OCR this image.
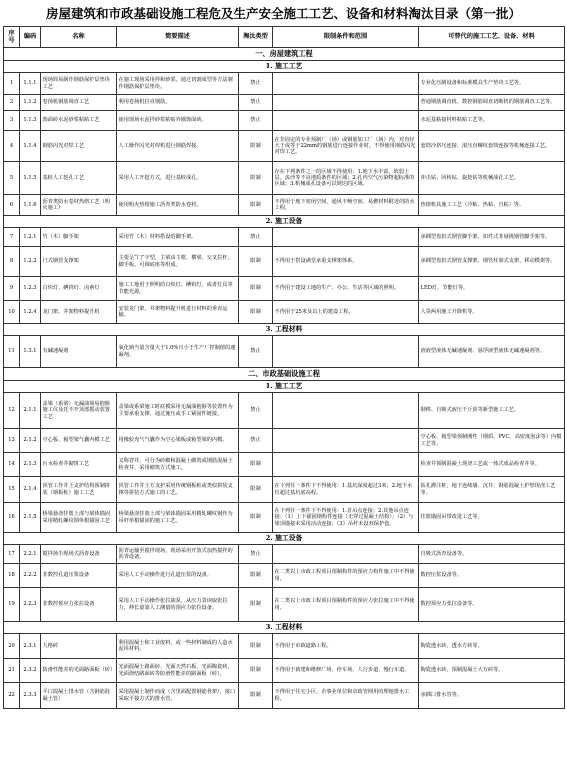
房屋建筑和市政基础设施工程危及生产安全施工工艺、设备和材料淘汰目录（第一批）
序号	编码	名称	简要描述	淘汰类型	限制条件和范围	可替代的施工工艺、设备、材料
一、房屋建筑工程						
1. 施工工艺						
1	1.1.1	现场简易制作钢筋保护层垫块工艺	在施工现场采用拌和砂浆，通过切割成型等方法制作钢筋保护层垫块。	禁止		专业化压制设备和标准模具生产垫块工艺等。
2	1.1.2	卷扬机钢筋调直工艺	利用卷扬机拉直钢筋。	禁止		普通钢筋调直机、数控钢筋调直切断机的钢筋调直工艺等。
3	1.1.3	饰面砖水泥砂浆粘贴工艺	使用现场水泥拌砂浆粘贴外墙饰面砖。	禁止		水泥基粘接材料粘贴工艺等。
4	1.1.4	钢筋闪光对焊工艺	人工操作闪光对焊机进行钢筋焊接。	限制	在非固定的专业预制厂（场）或钢筋加工厂（场）内，对直径大于或等于22mm的钢筋进行连接作业时，不得使用钢筋闪光对焊工艺。	套筒冷挤压连接、滚压直螺纹套筒连接等机械连接工艺。
5	1.1.5	基桩人工挖孔工艺	采用人工开挖方式，进行基桩成孔。	限制	存在下列条件之一的区域不得使用：1.地下水丰富、软弱土层、流沙等不良地质条件的区域；2.孔内空气污染物超标准的区域；3.机械成孔设备可以到达的区域。	冲击钻、回转钻、旋挖钻等机械成孔工艺。
6	1.1.6	沥青类防水卷材热熔工艺（明火施工）	使用明火热熔施工沥青类防水卷材。	限制	不得用于地下密闭空间、通风不畅空间、易燃材料附近的防水工程。	热熔机具施工工艺（冷粘、热粘、自粘）等。
2. 施工设备						
7	1.2.1	竹（木）脚手架	采用竹（木）材料搭设的脚手架。	禁止		承插型盘扣式钢管脚手架、扣件式非悬挑钢管脚手架等。
8	1.2.2	门式钢管支撑架	主要呈“门”字型，主梁由主框、横梁、交叉拉杆、脚手板、可调底座等组成。	限制	不得用于搭设满堂承重支撑架体系。	承插型盘扣式钢管支撑架、钢管柱梁式支架、移动模架等。
9	1.2.3	白炽灯、碘钨灯、卤素灯	施工工地用于照明的白炽灯、碘钨灯，或者灯具等节能光源。	限制	不得用于建设工地的生产、办公、生活等区域的照明。	LED灯、节能灯等。
10	1.2.4	龙门架、井架物料提升机	安装龙门架、井架物料提升机进行材料的垂直运输。	限制	不得用于25米及以上的建设工程。	人货两用施工升降机等。
3. 工程材料						
11	1.3.1	有碱速凝剂	氧化钠当量含量大于1.0%且小于生产厂控制值的速凝剂。	禁止		溶液型液体无碱速凝剂、悬浮液型液体无碱速凝剂等。
二、市政基础设施工程						
1. 施工工艺						
12	2.1.1	盖梁（系梁）无漏油简易抱箍施工仪及托不开顶部摇动装置工艺	盖梁或系梁施工时底模采用无漏油抱箍等装置作为主要承重支撑，通过施压或手工紧固件链接。	禁止		钢棒、自锁式液压千斤顶等新型施工工艺。
13	2.1.2	空心板、箱型梁气囊内模工艺	用橡胶充气气囊作为空心梁板或箱型梁的内模。	禁止		空心板、箱型梁预制刚性（钢质、PVC、高密度泡沫等）内模工艺等。
14	2.1.3	污水检查井砌筑工艺	又称窨井，可分为砖砌和混凝土砌筑或钢筋混凝土检查井，采用砌筑方式施工。	限制		检查井预制混凝土现浇工艺或一体式成品检查井等。
15	2.1.4	顶管工作井土支护结构预制拼装（钢板桩）施工工艺	顶管工作井土方支护采用传统钢板桩或类似拼装支撑等拼装方式施工的工艺。	限制	在下列任一条件下不得使用：1.基坑深度超过3米；2.地下水位超过基坑底高程。	钻孔灌注桩、地下连续墙、沉井、钢筋混凝土护壁现浇工艺等。
16	2.1.5	桥梁悬浇挂篮上部与梁体锚固采用精轧螺纹钢单根锚固工艺	桥梁悬浇挂篮上部与梁体锚固采用精轧螺纹钢作为吊杆单根锚固的施工工艺。	限制	在下列任一条件下不得使用：1.首吊点连接；2.其他吊点连接：（1）上下锚固钢构件连接（无穿过混凝土结构）；（2）与梁顶锚接未采用活动连接；（3）吊杆未设双保护套。	挂篮锚固吊带改进工艺等。
2. 施工设备						
17	2.2.1	搅拌扬尘现场式沥青设备	沥青运输至搅拌现场，现场采用开放式加热搅拌的沥青设备。	禁止		自吸式沥青设备等。
18	2.2.2	非数控孔道压浆设备	采用人工手动操作进行孔道压浆的设备。	限制	在二类以上市政工程项目预制构件的预应力构件施工中不得使用。	数控压浆设备等。
19	2.2.3	非数控预应力张拉设备	采用人工手动操作张拉油泵，从压力表读取张拉力，伸长量靠人工测量的预应力张拉设备。	限制	在二类以上市政工程项目预制构件的预应力张拉施工中不得使用。	数控预应力张拉设备等。
3. 工程材料						
20	2.3.1	九格砖	利用混凝土和工业废料，或一些材料制成的人造水泥块材料。	限制	不得用于市政道路工程。	陶瓷透水砖、透水方砖等。
21	2.3.2	防滑性能差的光面路面板（砖）	光面混凝土路面砖、光面天然石板、光面陶瓷砖、光面烧结路面砖等防滑性能差的路面板（砖）。	限制	不得用于新建和维修广场、停车场、人行步道、慢行车道。	陶瓷透水砖、预制混凝土大方砖等。
22	2.3.3	平口混凝土排水管（含钢筋混凝土管）	采用混凝土制作而成（含里面配置钢筋骨架），接口采取平接方式的排水管。	限制	不得用于住宅小区、企事业单位和市政管网用的埋地排水工程。	承插口排水管等。
